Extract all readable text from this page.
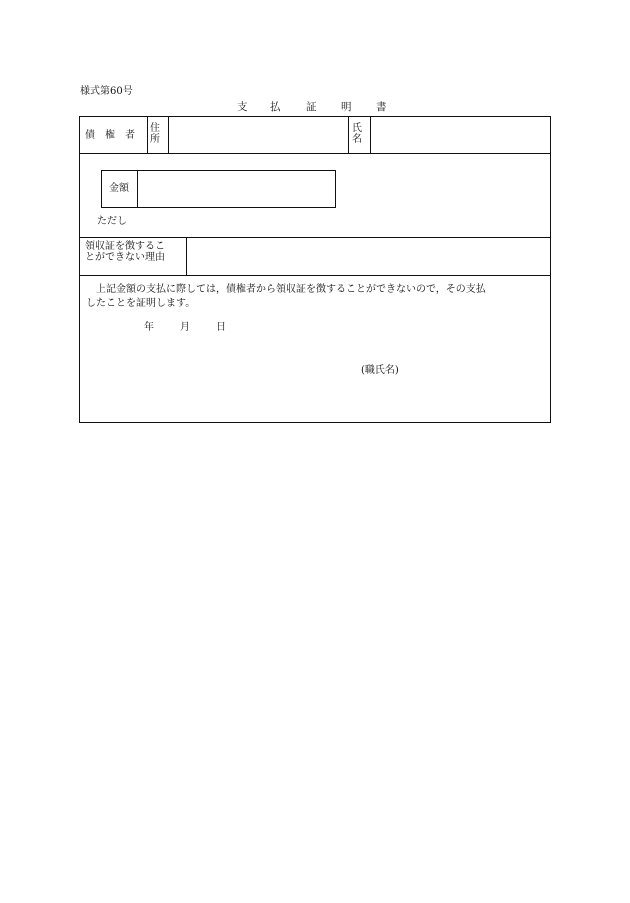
様式第60号
支 払 証 明 書
債　権　者
住
所
氏
名
金額
ただし
領収証を徴するこ
とができない理由
上記金額の支払に際しては，債権者から領収証を徴することができないので，その支払
したことを証明します。
年	月	日
(職氏名)
